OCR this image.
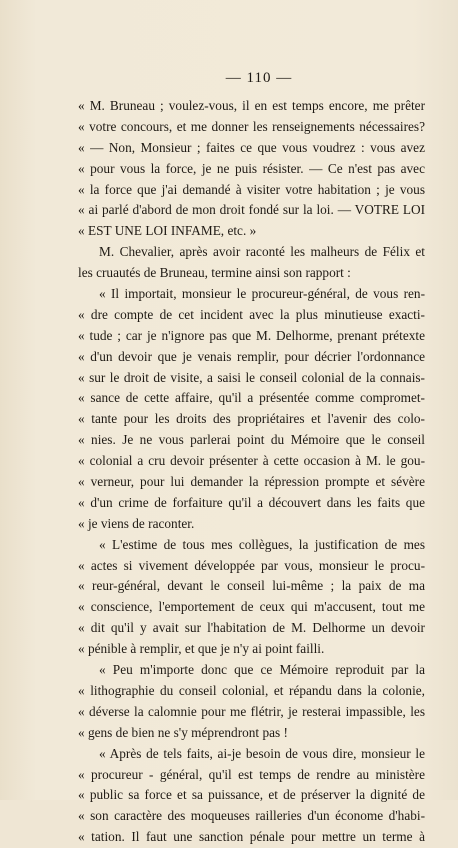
— 110 —
« M. Bruneau ; voulez-vous, il en est temps encore, me prêter
« votre concours, et me donner les renseignements nécessaires?
« — Non, Monsieur ; faites ce que vous voudrez : vous avez
« pour vous la force, je ne puis résister. — Ce n'est pas avec
« la force que j'ai demandé à visiter votre habitation ; je vous
« ai parlé d'abord de mon droit fondé sur la loi. — VOTRE LOI
« EST UNE LOI INFAME, etc. »
M. Chevalier, après avoir raconté les malheurs de Félix et
les cruautés de Bruneau, termine ainsi son rapport :
« Il importait, monsieur le procureur-général, de vous ren-
« dre compte de cet incident avec la plus minutieuse exacti-
« tude ; car je n'ignore pas que M. Delhorme, prenant prétexte
« d'un devoir que je venais remplir, pour décrier l'ordonnance
« sur le droit de visite, a saisi le conseil colonial de la connais-
« sance de cette affaire, qu'il a présentée comme compromet-
« tante pour les droits des propriétaires et l'avenir des colo-
« nies. Je ne vous parlerai point du Mémoire que le conseil
« colonial a cru devoir présenter à cette occasion à M. le gou-
« verneur, pour lui demander la répression prompte et sévère
« d'un crime de forfaiture qu'il a découvert dans les faits que
« je viens de raconter.
« L'estime de tous mes collègues, la justification de mes
« actes si vivement développée par vous, monsieur le procu-
« reur-général, devant le conseil lui-même ; la paix de ma
« conscience, l'emportement de ceux qui m'accusent, tout me
« dit qu'il y avait sur l'habitation de M. Delhorme un devoir
« pénible à remplir, et que je n'y ai point failli.
« Peu m'importe donc que ce Mémoire reproduit par la
« lithographie du conseil colonial, et répandu dans la colonie,
« déverse la calomnie pour me flétrir, je resterai impassible, les
« gens de bien ne s'y méprendront pas !
« Après de tels faits, ai-je besoin de vous dire, monsieur le
« procureur - général, qu'il est temps de rendre au ministère
« public sa force et sa puissance, et de préserver la dignité de
« son caractère des moqueuses railleries d'un économe d'habi-
« tation. Il faut une sanction pénale pour mettre un terme à
